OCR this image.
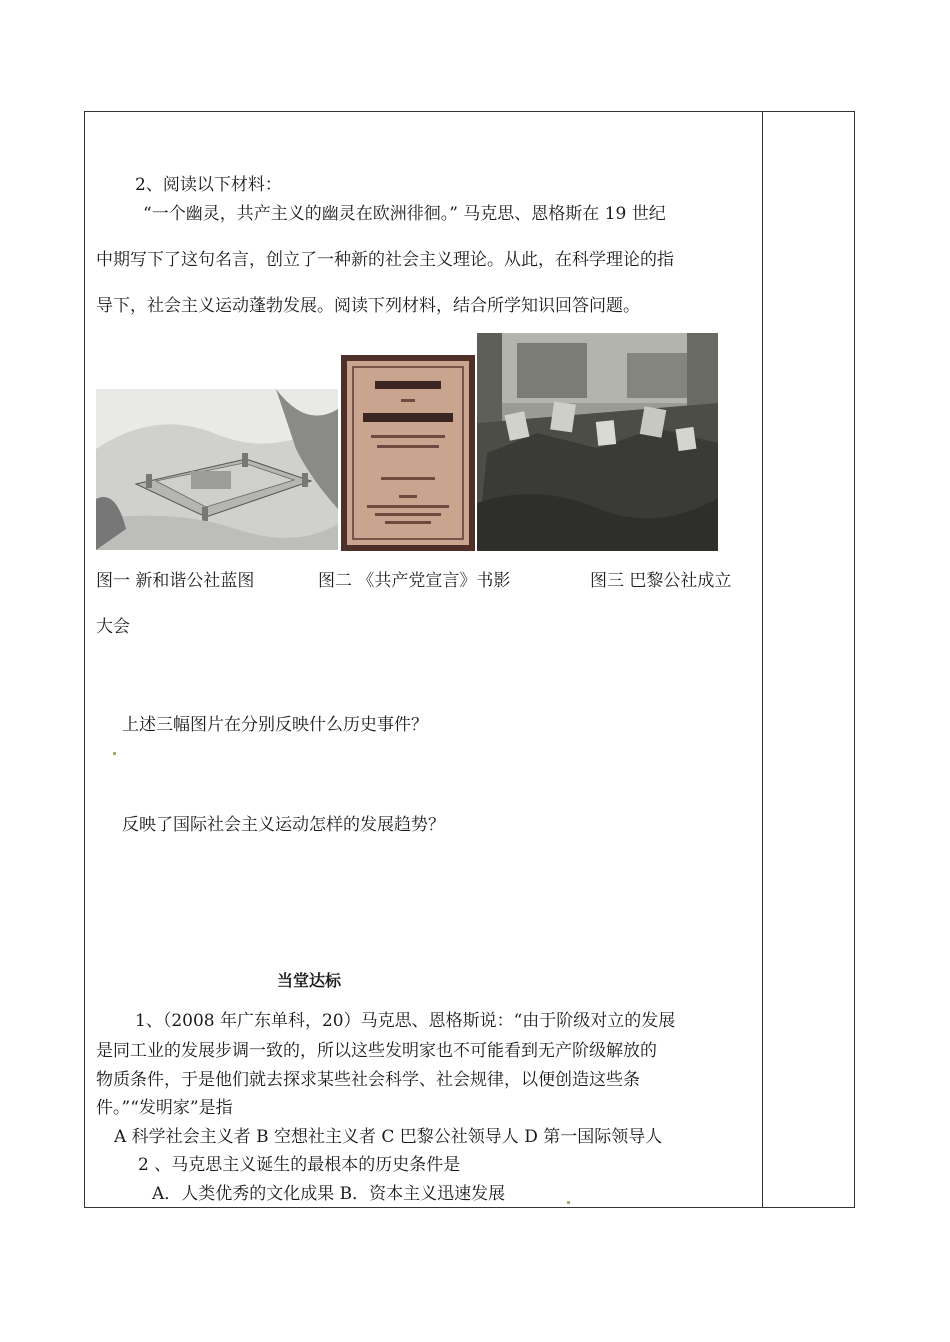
2、阅读以下材料：
“一个幽灵，共产主义的幽灵在欧洲徘徊。” 马克思、恩格斯在 19 世纪
中期写下了这句名言，创立了一种新的社会主义理论。从此，在科学理论的指
导下，社会主义运动蓬勃发展。阅读下列材料，结合所学知识回答问题。
图一 新和谐公社蓝图	图二 《共产党宣言》书影	图三 巴黎公社成立
大会
上述三幅图片在分别反映什么历史事件？
反映了国际社会主义运动怎样的发展趋势？
当堂达标
1、（2008 年广东单科，20）马克思、恩格斯说：“由于阶级对立的发展
是同工业的发展步调一致的，所以这些发明家也不可能看到无产阶级解放的
物质条件，于是他们就去探求某些社会科学、社会规律，以便创造这些条
件。”“发明家”是指
A 科学社会主义者 B 空想社主义者 C 巴黎公社领导人 D 第一国际领导人
2 、马克思主义诞生的最根本的历史条件是
A．人类优秀的文化成果 B．资本主义迅速发展
